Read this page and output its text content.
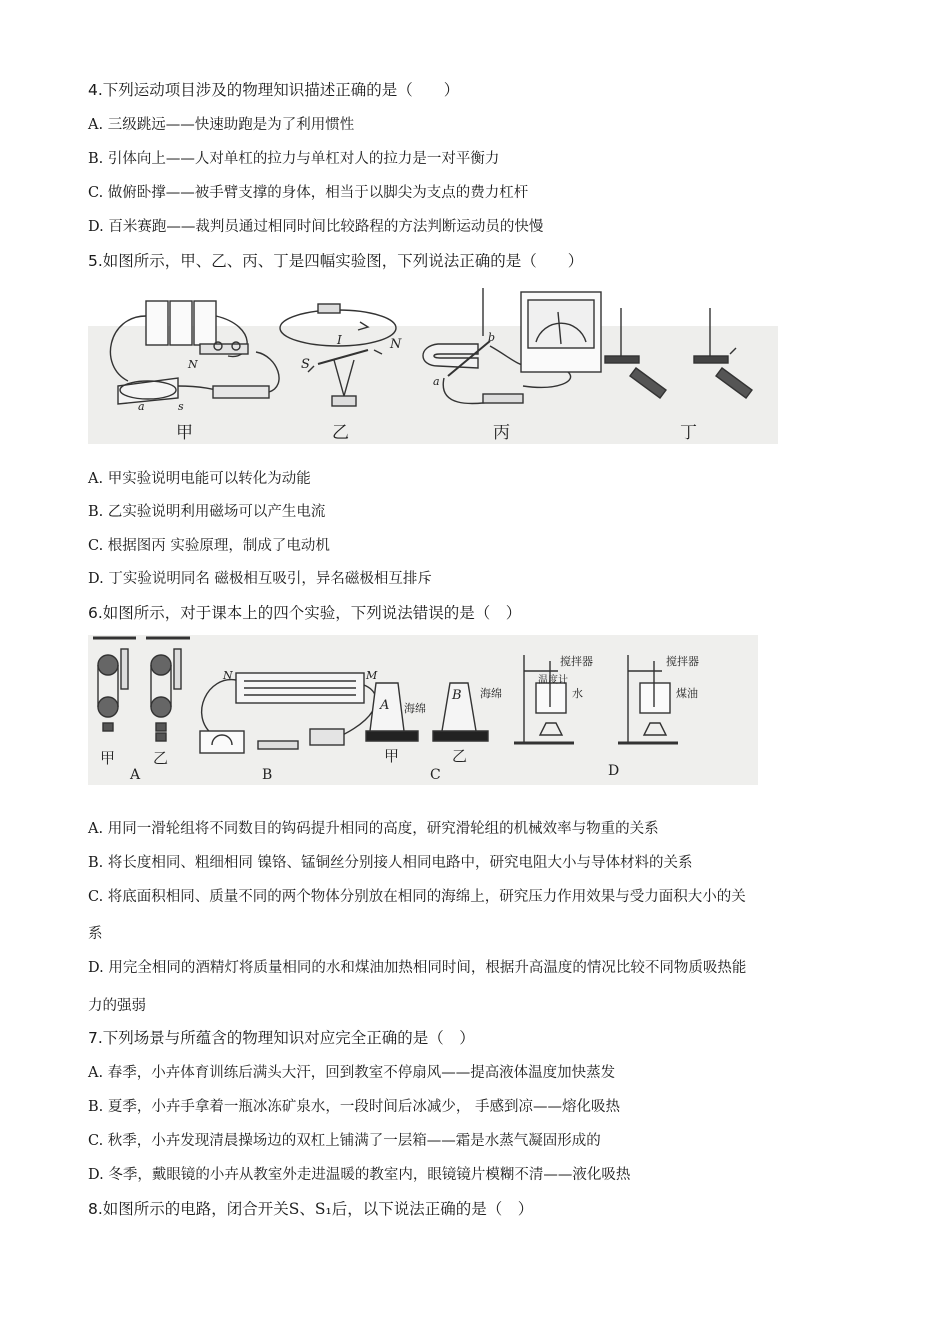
4.下列运动项目涉及的物理知识描述正确的是（　　）
A. 三级跳远——快速助跑是为了利用惯性
B. 引体向上——人对单杠的拉力与单杠对人的拉力是一对平衡力
C. 做俯卧撑——被手臂支撑的身体，相当于以脚尖为支点的费力杠杆
D. 百米赛跑——裁判员通过相同时间比较路程的方法判断运动员的快慢
5.如图所示，甲、乙、丙、丁是四幅实验图，下列说法正确的是（　　）
N
a	s
甲
S
N
I
乙
b
a
丙	丁
A. 甲实验说明电能可以转化为动能
B. 乙实验说明利用磁场可以产生电流
C. 根据图丙 实验原理，制成了电动机
D. 丁实验说明同名 磁极相互吸引，异名磁极相互排斥
6.如图所示，对于课本上的四个实验，下列说法错误的是（　）
甲	乙
A
N	M
B
A
B
海绵
海绵
甲	乙
C
搅拌器
温度计
水
搅拌器
煤油
D
A. 用同一滑轮组将不同数目的钩码提升相同的高度，研究滑轮组的机械效率与物重的关系
B. 将长度相同、粗细相同 镍铬、锰铜丝分别接人相同电路中，研究电阻大小与导体材料的关系
C. 将底面积相同、质量不同的两个物体分别放在相同的海绵上，研究压力作用效果与受力面积大小的关
系
D. 用完全相同的酒精灯将质量相同的水和煤油加热相同时间，根据升高温度的情况比较不同物质吸热能
力的强弱
7.下列场景与所蕴含的物理知识对应完全正确的是（　）
A. 春季，小卉体育训练后满头大汗，回到教室不停扇风——提高液体温度加快蒸发
B. 夏季，小卉手拿着一瓶冰冻矿泉水，一段时间后冰减少， 手感到凉——熔化吸热
C. 秋季，小卉发现清晨操场边的双杠上铺满了一层箱——霜是水蒸气凝固形成的
D. 冬季，戴眼镜的小卉从教室外走进温暖的教室内，眼镜镜片模糊不清——液化吸热
8.如图所示的电路，闭合开关S、S₁后，以下说法正确的是（　）
